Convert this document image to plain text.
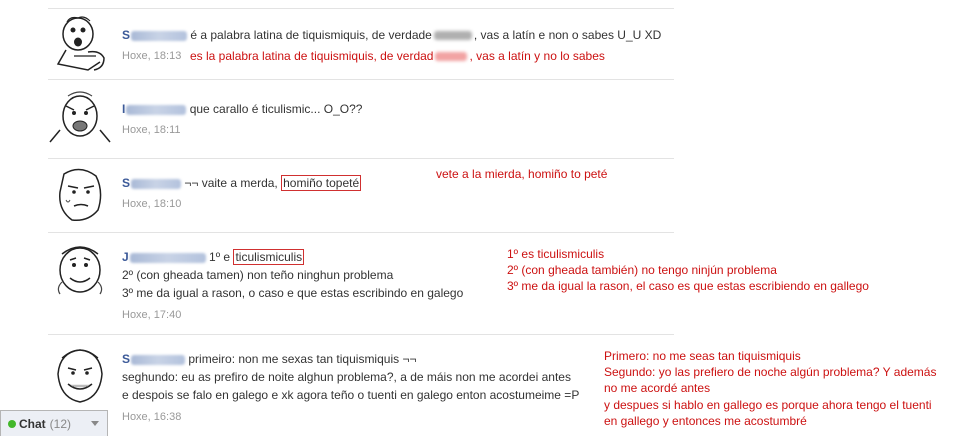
S	é a palabra latina de tiquismiquis, de verdade	, vas a latín e non o sabes U_U XD
Hoxe, 18:13 es la palabra latina de tiquismiquis, de verdad	, vas a latín y no lo sabes
I	que carallo é ticulismic... O_O??
Hoxe, 18:11
S	¬¬ vaite a merda, homiño topeté
Hoxe, 18:10
vete a la mierda, homiño to peté
J	1º e ticulismiculis
2º (con gheada tamen) non teño ninghun problema
3º me da igual a rason, o caso e que estas escribindo en galego
Hoxe, 17:40
1º es ticulismiculis
2º (con gheada también) no tengo ninjún problema
3º me da igual la rason, el caso es que estas escribiendo en gallego
S	primeiro: non me sexas tan tiquismiquis ¬¬
seghundo: eu as prefiro de noite alghun problema?, a de máis non me acordei antes
e despois se falo en galego e xk agora teño o tuenti en galego enton acostumeime =P
Hoxe, 16:38
Primero: no me seas tan tiquismiquis
Segundo: yo las prefiero de noche algún problema? Y además
no me acordé antes
y despues si hablo en gallego es porque ahora tengo el tuenti
en gallego y entonces me acostumbré
Chat (12)
